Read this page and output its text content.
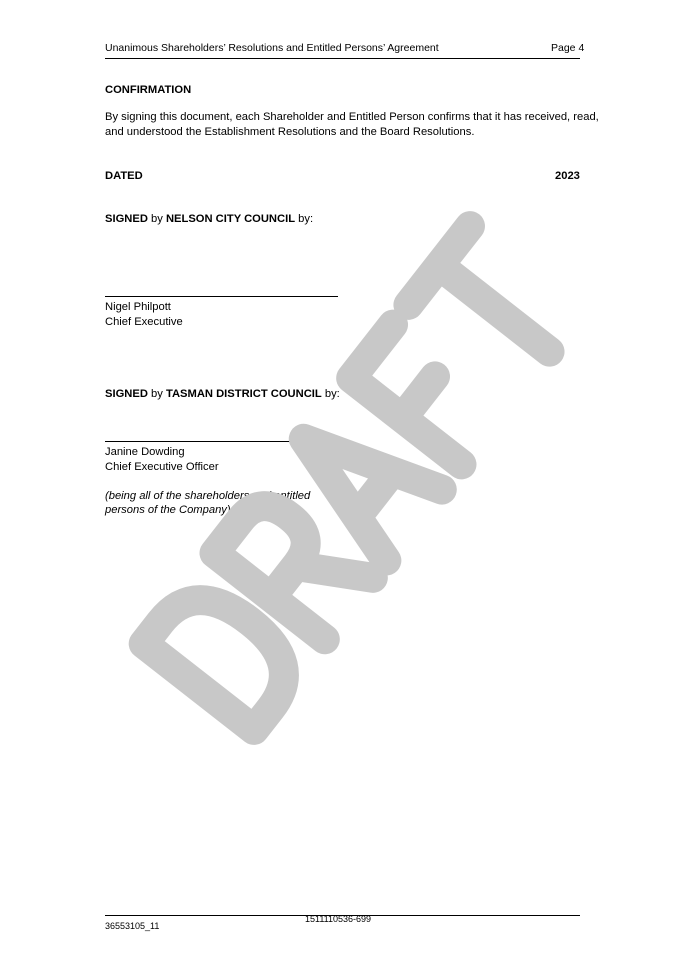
Unanimous Shareholders’ Resolutions and Entitled Persons’ Agreement	Page 4
CONFIRMATION
By signing this document, each Shareholder and Entitled Person confirms that it has received, read,
and understood the Establishment Resolutions and the Board Resolutions.
DATED	2023
SIGNED by NELSON CITY COUNCIL by:
Nigel Philpott
Chief Executive
SIGNED by TASMAN DISTRICT COUNCIL by:
Janine Dowding
Chief Executive Officer
(being all of the shareholders and entitled
persons of the Company)
1511110536-699
36553105_11
